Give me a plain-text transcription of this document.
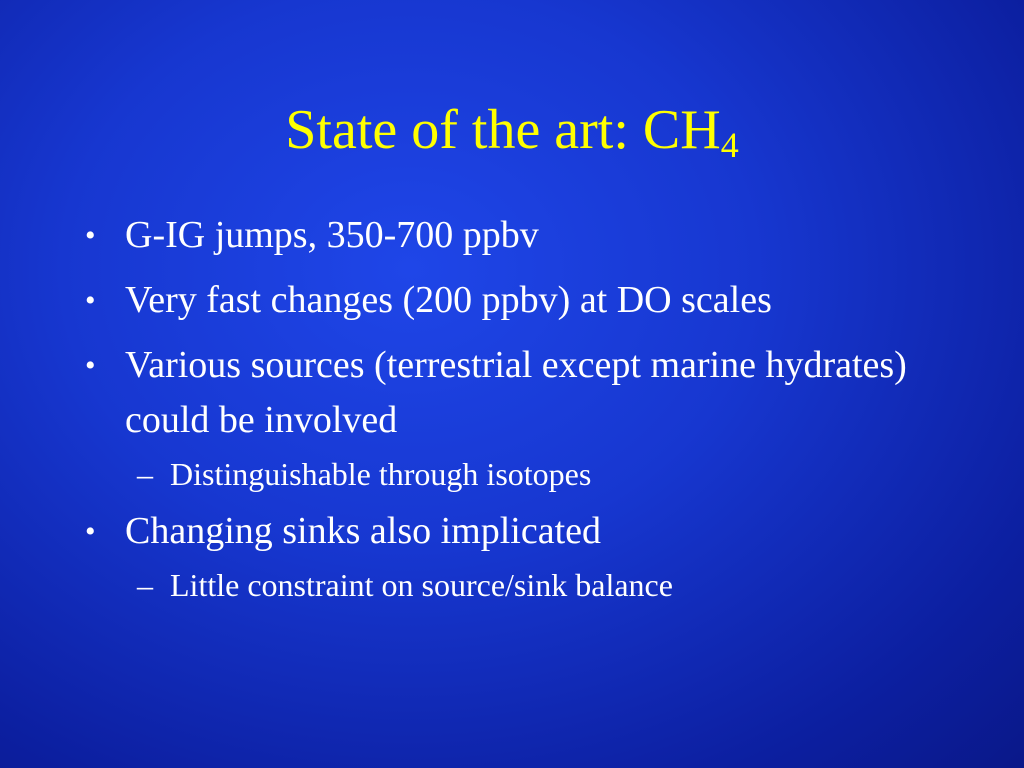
State of the art: $CH_4$
• G-IG jumps, 350-700 ppbv
• Very fast changes (200 ppbv) at DO scales
• Various sources (terrestrial except marine hydrates) could be involved
– Distinguishable through isotopes
• Changing sinks also implicated
– Little constraint on source/sink balance
